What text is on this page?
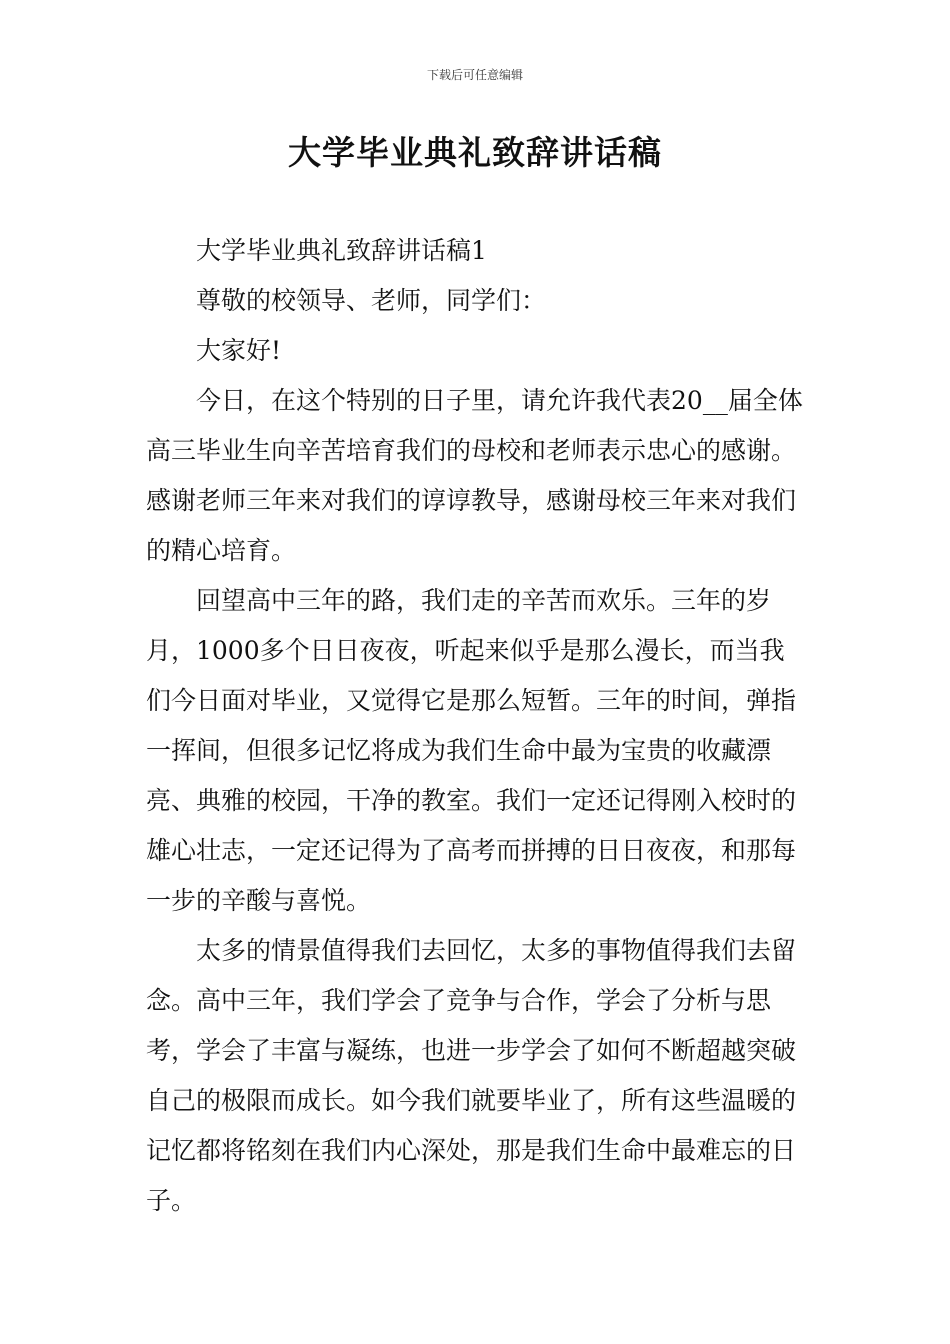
下载后可任意编辑
大学毕业典礼致辞讲话稿

大学毕业典礼致辞讲话稿1

尊敬的校领导、老师，同学们：

大家好!

今日，在这个特别的日子里，请允许我代表20__届全体高三毕业生向辛苦培育我们的母校和老师表示忠心的感谢。感谢老师三年来对我们的谆谆教导，感谢母校三年来对我们的精心培育。

回望高中三年的路，我们走的辛苦而欢乐。三年的岁月，1000多个日日夜夜，听起来似乎是那么漫长，而当我们今日面对毕业，又觉得它是那么短暂。三年的时间，弹指一挥间，但很多记忆将成为我们生命中最为宝贵的收藏漂亮、典雅的校园，干净的教室。我们一定还记得刚入校时的雄心壮志，一定还记得为了高考而拼搏的日日夜夜，和那每一步的辛酸与喜悦。

太多的情景值得我们去回忆，太多的事物值得我们去留念。高中三年，我们学会了竞争与合作，学会了分析与思考，学会了丰富与凝练，也进一步学会了如何不断超越突破自己的极限而成长。如今我们就要毕业了，所有这些温暖的记忆都将铭刻在我们内心深处，那是我们生命中最难忘的日子。
